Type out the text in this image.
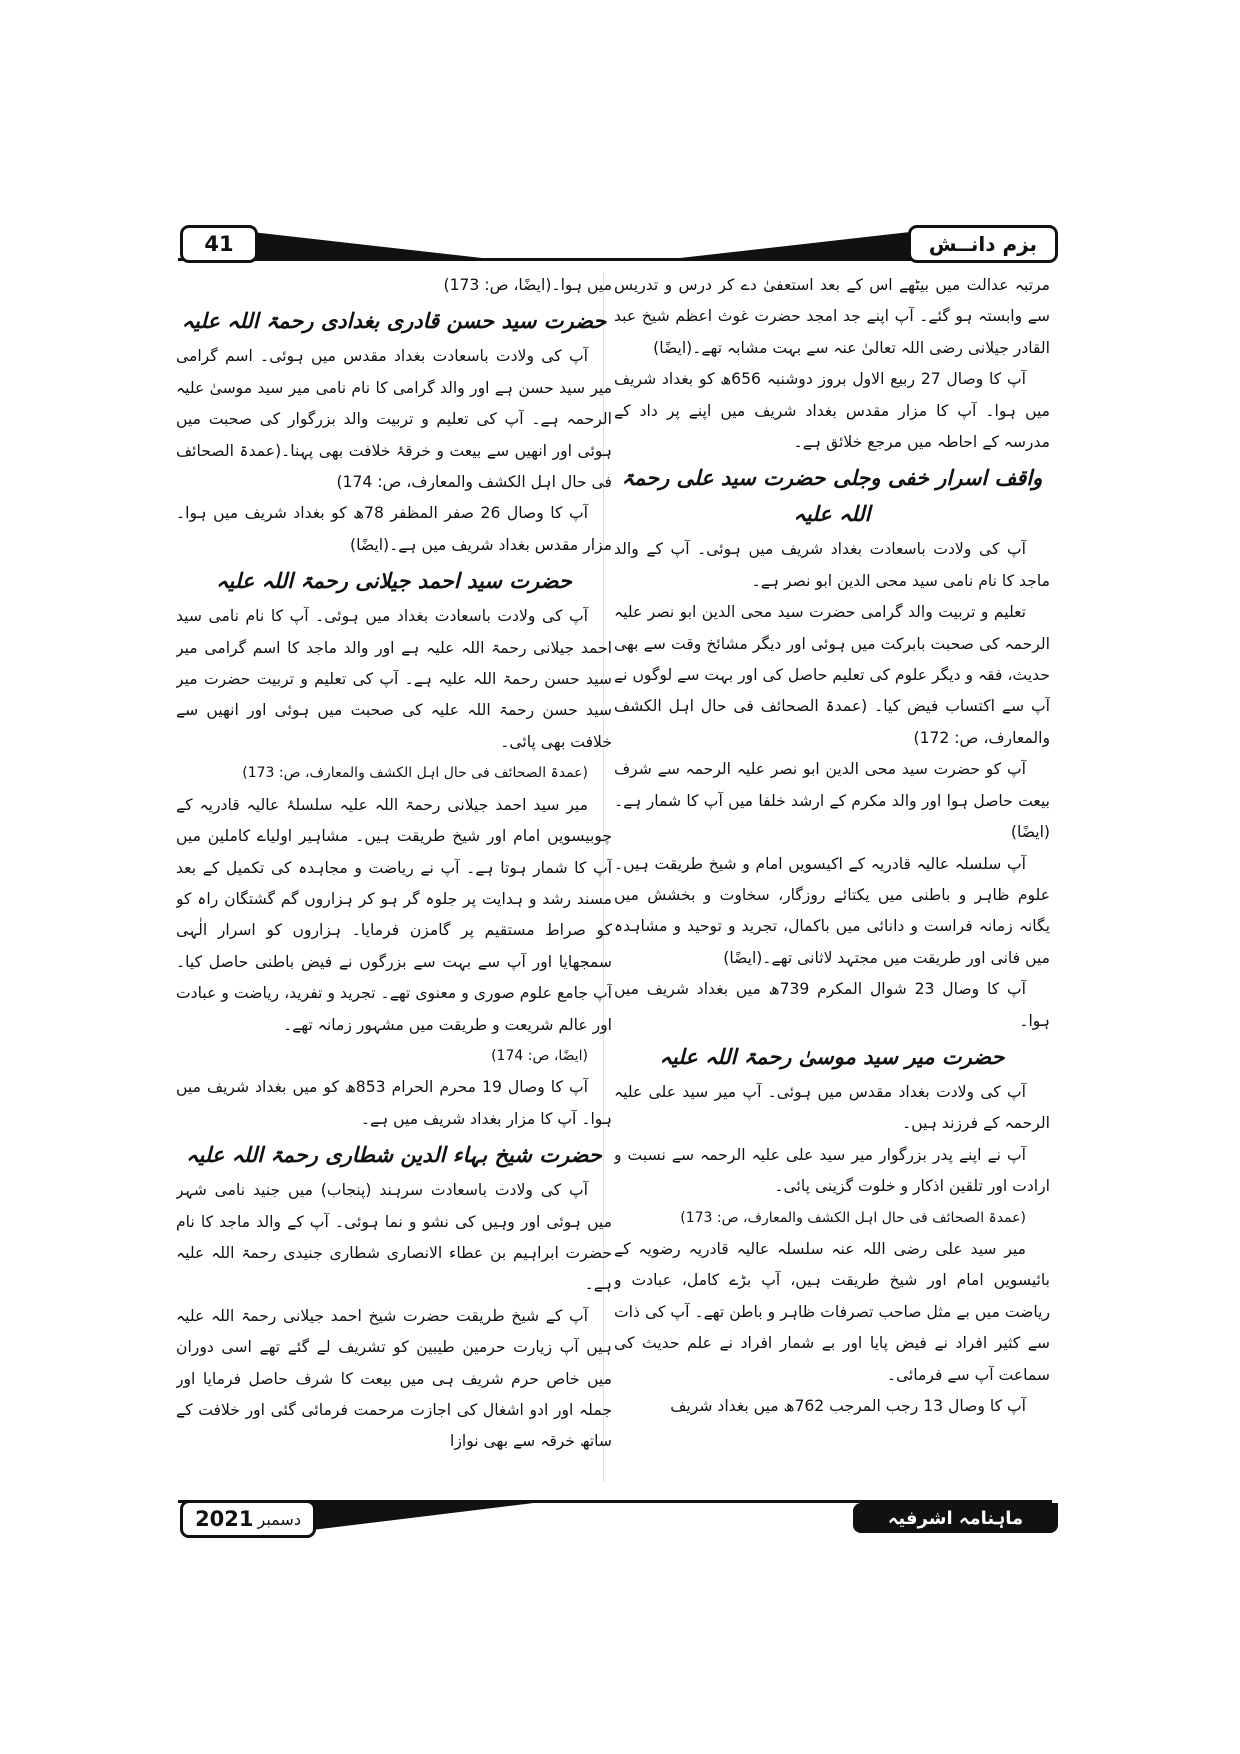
41	بزم دانــش

مرتبہ عدالت میں بیٹھے اس کے بعد استعفیٰ دے کر درس و تدریس سے وابستہ ہو گئے۔ آپ اپنے جد امجد حضرت غوث اعظم شیخ عبد القادر جیلانی رضی اللہ تعالیٰ عنہ سے بہت مشابہ تھے۔(ایضًا)

آپ کا وصال 27 ربیع الاول بروز دوشنبہ 656ھ کو بغداد شریف میں ہوا۔ آپ کا مزار مقدس بغداد شریف میں اپنے پر داد کے مدرسہ کے احاطہ میں مرجع خلائق ہے۔

واقف اسرار خفی وجلی حضرت سید علی رحمۃ اللہ علیہ

آپ کی ولادت باسعادت بغداد شریف میں ہوئی۔ آپ کے والد ماجد کا نام نامی سید محی الدین ابو نصر ہے۔

تعلیم و تربیت والد گرامی حضرت سید محی الدین ابو نصر علیہ الرحمہ کی صحبت بابرکت میں ہوئی اور دیگر مشائخ وقت سے بھی حدیث، فقہ و دیگر علوم کی تعلیم حاصل کی اور بہت سے لوگوں نے آپ سے اکتساب فیض کیا۔ (عمدۃ الصحائف فی حال اہل الکشف والمعارف، ص: 172)

آپ کو حضرت سید محی الدین ابو نصر علیہ الرحمہ سے شرف بیعت حاصل ہوا اور والد مکرم کے ارشد خلفا میں آپ کا شمار ہے۔(ایضًا)

آپ سلسلہ عالیہ قادریہ کے اکیسویں امام و شیخ طریقت ہیں۔ علوم ظاہر و باطنی میں یکتائے روزگار، سخاوت و بخشش میں یگانہ زمانہ فراست و دانائی میں باکمال، تجرید و توحید و مشاہدہ میں فانی اور طریقت میں مجتہد لاثانی تھے۔(ایضًا)

آپ کا وصال 23 شوال المکرم 739ھ میں بغداد شریف میں ہوا۔

حضرت میر سید موسیٰ رحمۃ اللہ علیہ

آپ کی ولادت بغداد مقدس میں ہوئی۔ آپ میر سید علی علیہ الرحمہ کے فرزند ہیں۔

آپ نے اپنے پدر بزرگوار میر سید علی علیہ الرحمہ سے نسبت و ارادت اور تلقین اذکار و خلوت گزینی پائی۔

(عمدۃ الصحائف فی حال اہل الکشف والمعارف، ص: 173)

میر سید علی رضی اللہ عنہ سلسلہ عالیہ قادریہ رضویہ کے بائیسویں امام اور شیخ طریقت ہیں، آپ بڑے کامل، عبادت و ریاضت میں بے مثل صاحب تصرفات ظاہر و باطن تھے۔ آپ کی ذات سے کثیر افراد نے فیض پایا اور بے شمار افراد نے علم حدیث کی سماعت آپ سے فرمائی۔

آپ کا وصال 13 رجب المرجب 762ھ میں بغداد شریف

میں ہوا۔(ایضًا، ص: 173)

حضرت سید حسن قادری بغدادی رحمۃ اللہ علیہ

آپ کی ولادت باسعادت بغداد مقدس میں ہوئی۔ اسم گرامی میر سید حسن ہے اور والد گرامی کا نام نامی میر سید موسیٰ علیہ الرحمہ ہے۔ آپ کی تعلیم و تربیت والد بزرگوار کی صحبت میں ہوئی اور انھیں سے بیعت و خرقۂ خلافت بھی پہنا۔(عمدۃ الصحائف فی حال اہل الکشف والمعارف، ص: 174)

آپ کا وصال 26 صفر المظفر 78ھ کو بغداد شریف میں ہوا۔ مزار مقدس بغداد شریف میں ہے۔(ایضًا)

حضرت سید احمد جیلانی رحمۃ اللہ علیہ

آپ کی ولادت باسعادت بغداد میں ہوئی۔ آپ کا نام نامی سید احمد جیلانی رحمۃ اللہ علیہ ہے اور والد ماجد کا اسم گرامی میر سید حسن رحمۃ اللہ علیہ ہے۔ آپ کی تعلیم و تربیت حضرت میر سید حسن رحمۃ اللہ علیہ کی صحبت میں ہوئی اور انھیں سے خلافت بھی پائی۔

(عمدۃ الصحائف فی حال اہل الکشف والمعارف، ص: 173)

میر سید احمد جیلانی رحمۃ اللہ علیہ سلسلۂ عالیہ قادریہ کے چوبیسویں امام اور شیخ طریقت ہیں۔ مشاہیر اولیاے کاملین میں آپ کا شمار ہوتا ہے۔ آپ نے ریاضت و مجاہدہ کی تکمیل کے بعد مسند رشد و ہدایت پر جلوہ گر ہو کر ہزاروں گم گشتگان راہ کو کو صراط مستقیم پر گامزن فرمایا۔ ہزاروں کو اسرار الٰہی سمجھایا اور آپ سے بہت سے بزرگوں نے فیض باطنی حاصل کیا۔ آپ جامع علوم صوری و معنوی تھے۔ تجرید و تفرید، ریاضت و عبادت اور عالم شریعت و طریقت میں مشہور زمانہ تھے۔

(ایضًا، ص: 174)

آپ کا وصال 19 محرم الحرام 853ھ کو میں بغداد شریف میں ہوا۔ آپ کا مزار بغداد شریف میں ہے۔

حضرت شیخ بہاء الدین شطاری رحمۃ اللہ علیہ

آپ کی ولادت باسعادت سرہند (پنجاب) میں جنید نامی شہر میں ہوئی اور وہیں کی نشو و نما ہوئی۔ آپ کے والد ماجد کا نام حضرت ابراہیم بن عطاء الانصاری شطاری جنیدی رحمۃ اللہ علیہ ہے۔

آپ کے شیخ طریقت حضرت شیخ احمد جیلانی رحمۃ اللہ علیہ ہیں آپ زیارت حرمین طیبین کو تشریف لے گئے تھے اسی دوران میں خاص حرم شریف ہی میں بیعت کا شرف حاصل فرمایا اور جملہ اور ادو اشغال کی اجازت مرحمت فرمائی گئی اور خلافت کے ساتھ خرقہ سے بھی نوازا

دسمبر
2021	ماہنامہ اشرفیہ
